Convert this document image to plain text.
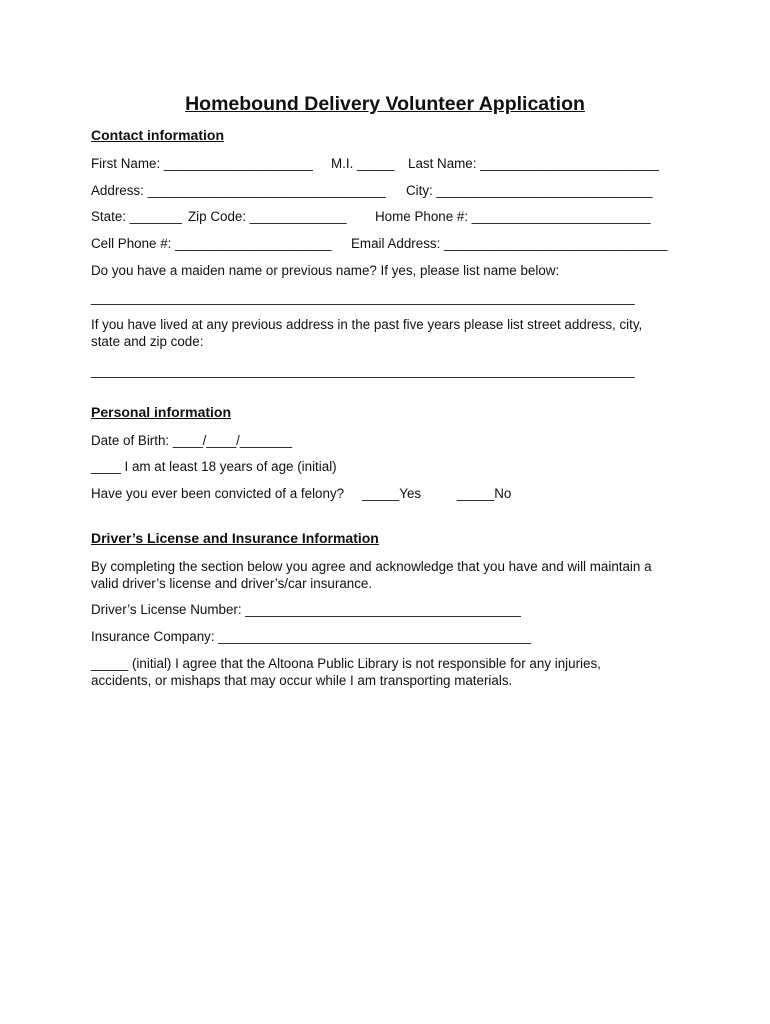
Homebound Delivery Volunteer Application
Contact information
First Name: ____________________ M.I. _____ Last Name: ________________________
Address: ________________________________ City: _____________________________
State: _______ Zip Code: _____________ Home Phone #: ________________________
Cell Phone #: _____________________ Email Address: ______________________________
Do you have a maiden name or previous name? If yes, please list name below:
_________________________________________________________________________
If you have lived at any previous address in the past five years please list street address, city,
state and zip code:
_________________________________________________________________________
Personal information
Date of Birth: ____/____/_______
____ I am at least 18 years of age (initial)
Have you ever been convicted of a felony? _____Yes	_____No
Driver’s License and Insurance Information
By completing the section below you agree and acknowledge that you have and will maintain a
valid driver’s license and driver’s/car insurance.
Driver’s License Number: _____________________________________
Insurance Company: __________________________________________
_____ (initial) I agree that the Altoona Public Library is not responsible for any injuries,
accidents, or mishaps that may occur while I am transporting materials.
